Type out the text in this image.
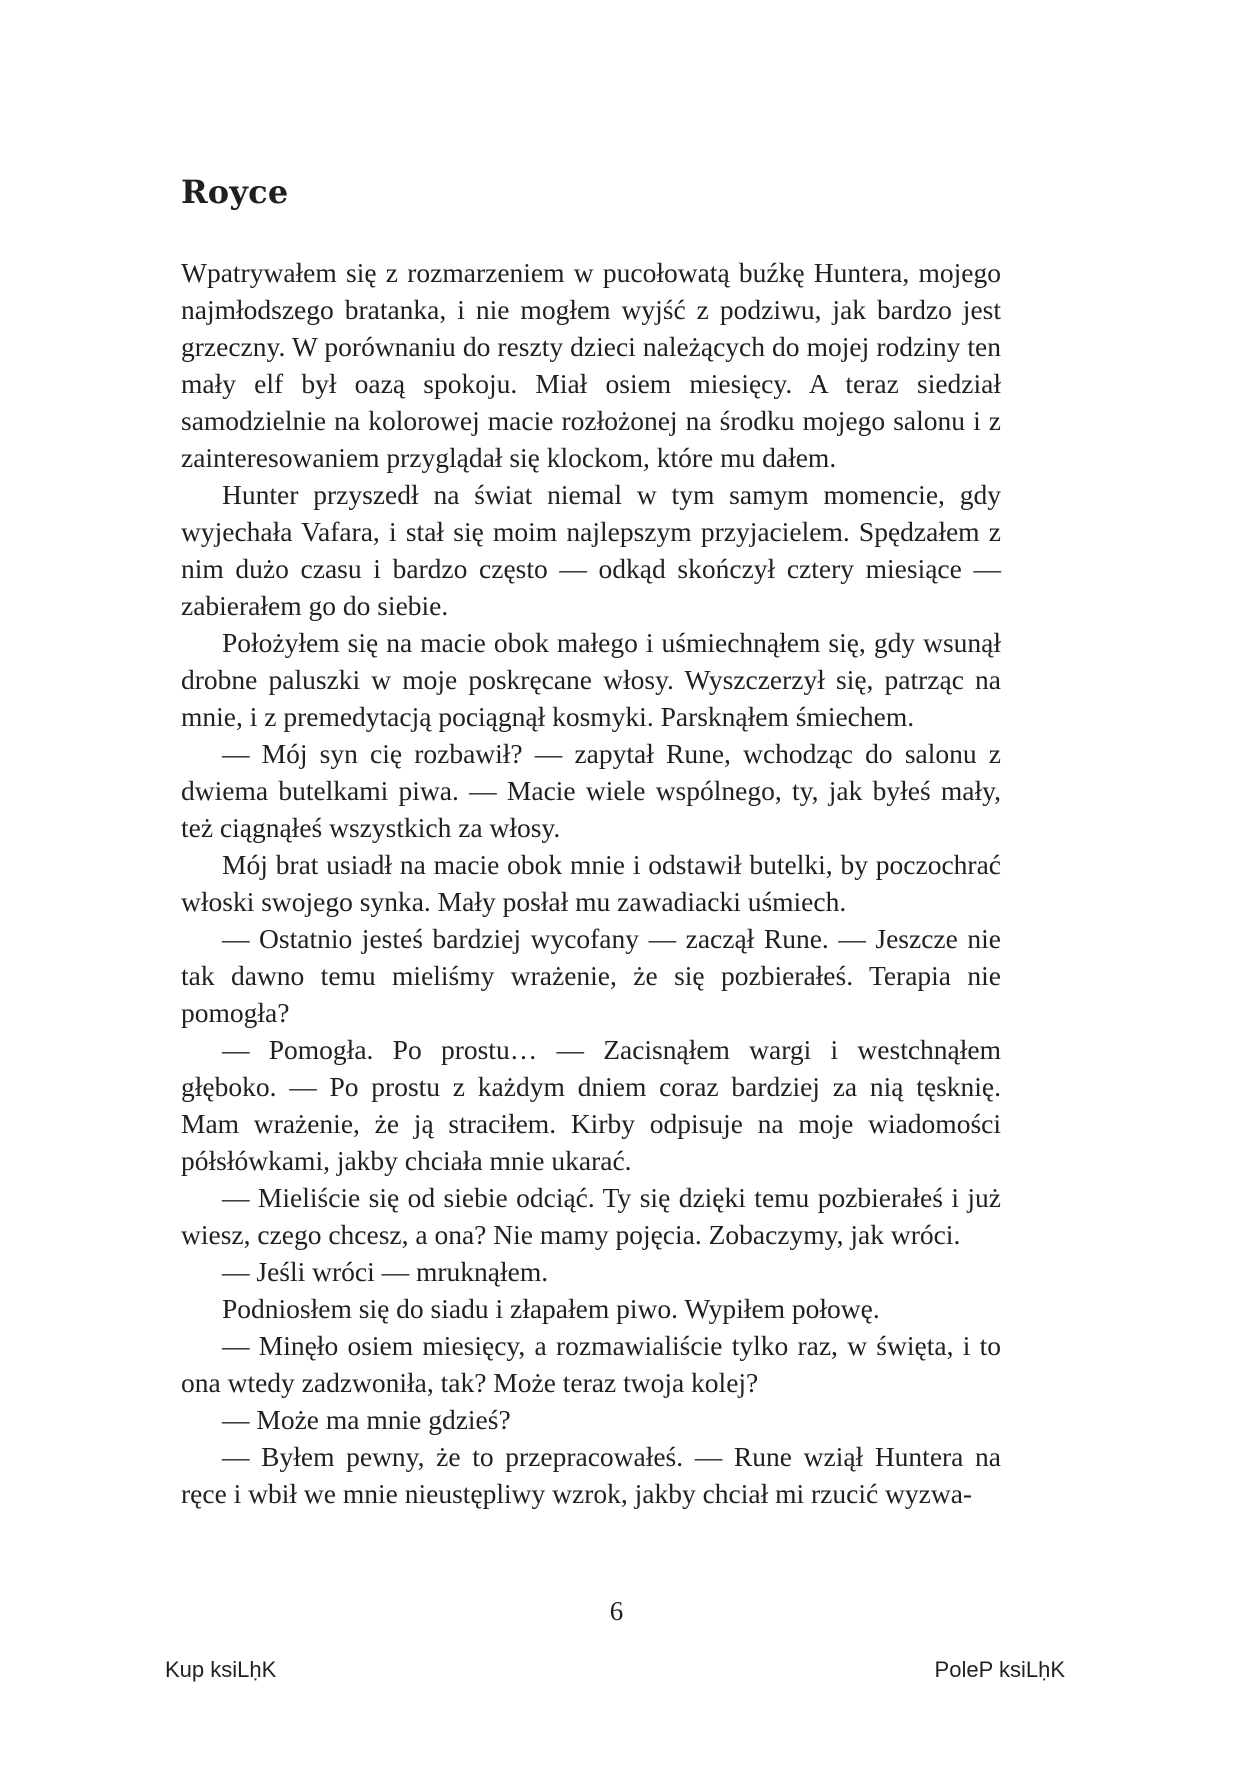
Royce

Wpatrywałem się z rozmarzeniem w pucołowatą buźkę Huntera, mojego najmłodszego bratanka, i nie mogłem wyjść z podziwu, jak bardzo jest grzeczny. W porównaniu do reszty dzieci należących do mojej rodziny ten mały elf był oazą spokoju. Miał osiem miesięcy. A teraz siedział samodzielnie na kolorowej macie rozłożonej na środku mojego salonu i z zainteresowaniem przyglądał się klockom, które mu dałem.

Hunter przyszedł na świat niemal w tym samym momencie, gdy wyjechała Vafara, i stał się moim najlepszym przyjacielem. Spędzałem z nim dużo czasu i bardzo często — odkąd skończył cztery miesiące — zabierałem go do siebie.

Położyłem się na macie obok małego i uśmiechnąłem się, gdy wsunął drobne paluszki w moje poskręcane włosy. Wyszczerzył się, patrząc na mnie, i z premedytacją pociągnął kosmyki. Parsknąłem śmiechem.

— Mój syn cię rozbawił? — zapytał Rune, wchodząc do salonu z dwiema butelkami piwa. — Macie wiele wspólnego, ty, jak byłeś mały, też ciągnąłeś wszystkich za włosy.

Mój brat usiadł na macie obok mnie i odstawił butelki, by poczochrać włoski swojego synka. Mały posłał mu zawadiacki uśmiech.

— Ostatnio jesteś bardziej wycofany — zaczął Rune. — Jeszcze nie tak dawno temu mieliśmy wrażenie, że się pozbierałeś. Terapia nie pomogła?

— Pomogła. Po prostu… — Zacisnąłem wargi i westchnąłem głęboko. — Po prostu z każdym dniem coraz bardziej za nią tęsknię. Mam wrażenie, że ją straciłem. Kirby odpisuje na moje wiadomości półsłówkami, jakby chciała mnie ukarać.

— Mieliście się od siebie odciąć. Ty się dzięki temu pozbierałeś i już wiesz, czego chcesz, a ona? Nie mamy pojęcia. Zobaczymy, jak wróci.

— Jeśli wróci — mruknąłem.

Podniosłem się do siadu i złapałem piwo. Wypiłem połowę.

— Minęło osiem miesięcy, a rozmawialiście tylko raz, w święta, i to ona wtedy zadzwoniła, tak? Może teraz twoja kolej?

— Może ma mnie gdzieś?

— Byłem pewny, że to przepracowałeś. — Rune wziął Huntera na ręce i wbił we mnie nieustępliwy wzrok, jakby chciał mi rzucić wyzwa-

6
Kup ksiLḥK	PoleP ksiLḥK
